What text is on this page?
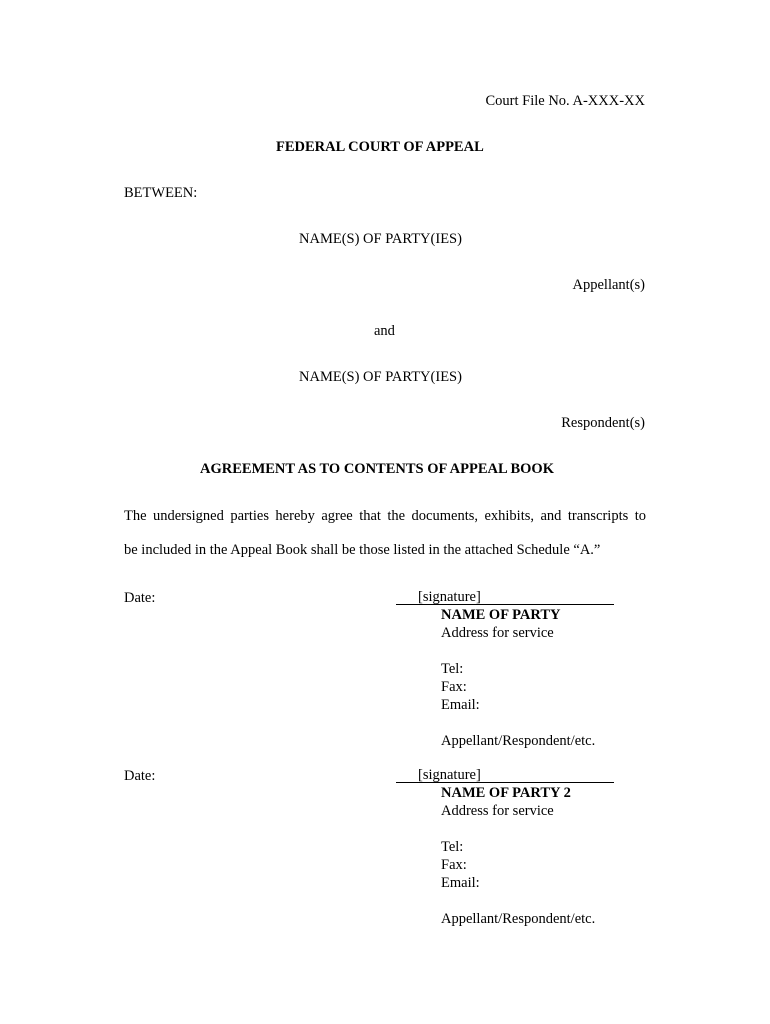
Court File No. A-XXX-XX
FEDERAL COURT OF APPEAL
BETWEEN:
NAME(S) OF PARTY(IES)
Appellant(s)
and
NAME(S) OF PARTY(IES)
Respondent(s)
AGREEMENT AS TO CONTENTS OF APPEAL BOOK
The undersigned parties hereby agree that the documents, exhibits, and transcripts to
be included in the Appeal Book shall be those listed in the attached Schedule “A.”
Date:	[signature]
NAME OF PARTY
Address for service
Tel:
Fax:
Email:
Appellant/Respondent/etc.
Date:	[signature]
NAME OF PARTY 2
Address for service
Tel:
Fax:
Email:
Appellant/Respondent/etc.
